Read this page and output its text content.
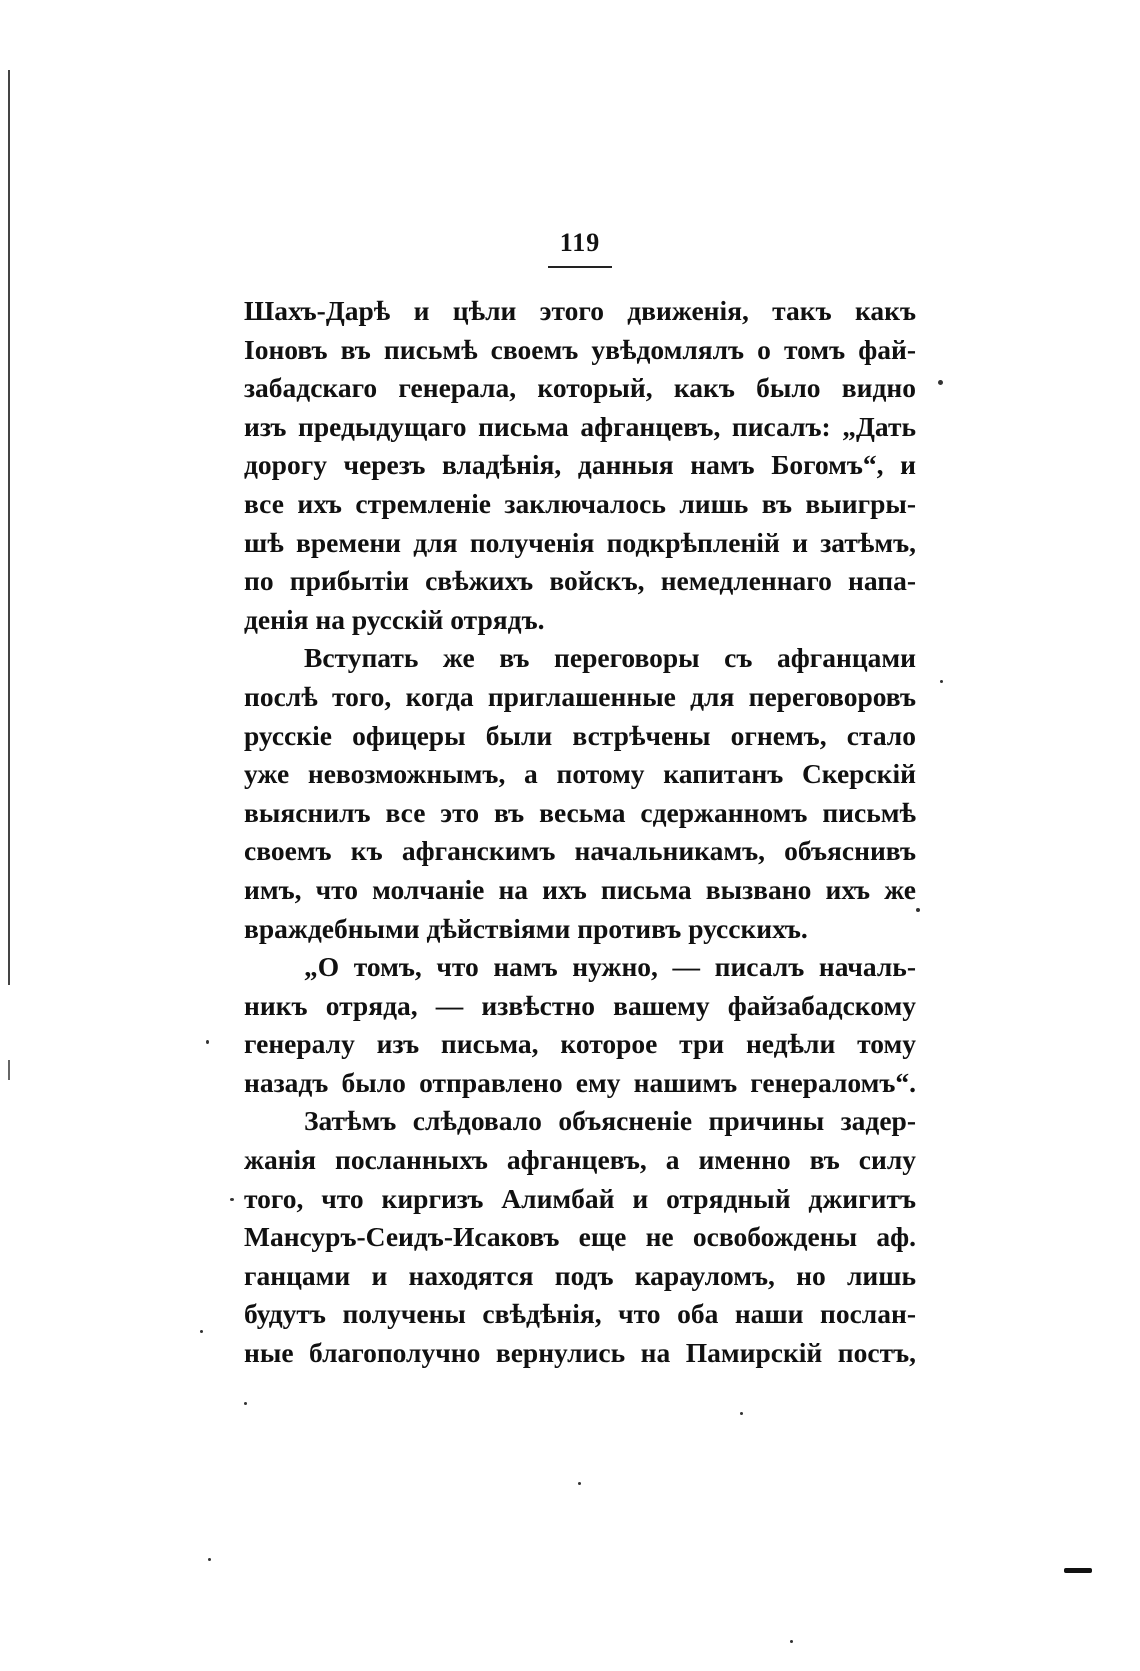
119
Шахъ-Дарѣ и цѣли этого движенія, такъ какъ
Іоновъ въ письмѣ своемъ увѣдомлялъ о томъ фай-
забадскаго генерала, который, какъ было видно
изъ предыдущаго письма афганцевъ, писалъ: „Дать
дорогу черезъ владѣнія, данныя намъ Богомъ“, и
все ихъ стремленіе заключалось лишь въ выигры-
шѣ времени для полученія подкрѣпленій и затѣмъ,
по прибытіи свѣжихъ войскъ, немедленнаго напа-
денія на русскій отрядъ.
Вступать же въ переговоры съ афганцами
послѣ того, когда приглашенные для переговоровъ
русскіе офицеры были встрѣчены огнемъ, стало
уже невозможнымъ, а потому капитанъ Скерскій
выяснилъ все это въ весьма сдержанномъ письмѣ
своемъ къ афганскимъ начальникамъ, объяснивъ
имъ, что молчаніе на ихъ письма вызвано ихъ же
враждебными дѣйствіями противъ русскихъ.
„О томъ, что намъ нужно, — писалъ началь-
никъ отряда, — извѣстно вашему файзабадскому
генералу изъ письма, которое три недѣли тому
назадъ было отправлено ему нашимъ генераломъ“.
Затѣмъ слѣдовало объясненіе причины задер-
жанія посланныхъ афганцевъ, а именно въ силу
того, что киргизъ Алимбай и отрядный джигитъ
Мансуръ-Сеидъ-Исаковъ еще не освобождены аф.
ганцами и находятся подъ карауломъ, но лишь
будутъ получены свѣдѣнія, что оба наши послан-
ные благополучно вернулись на Памирскій постъ,
